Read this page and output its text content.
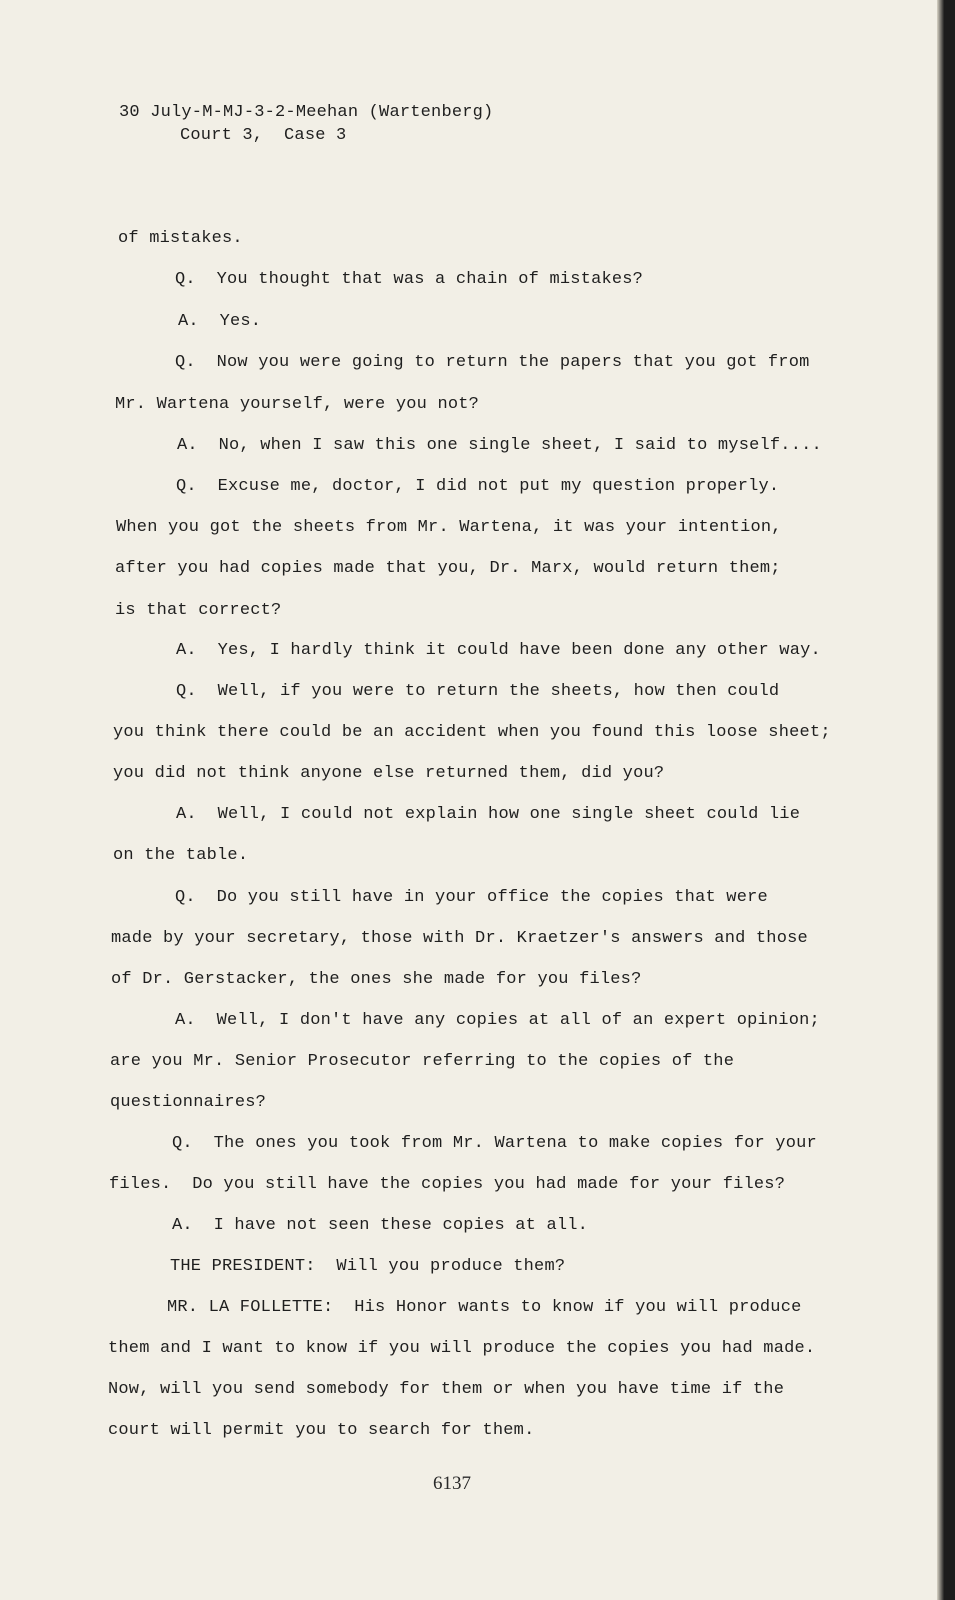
30 July-M-MJ-3-2-Meehan (Wartenberg)
Court 3,  Case 3
of mistakes.
Q.  You thought that was a chain of mistakes?
A.  Yes.
Q.  Now you were going to return the papers that you got from
Mr. Wartena yourself, were you not?
A.  No, when I saw this one single sheet, I said to myself....
Q.  Excuse me, doctor, I did not put my question properly.
When you got the sheets from Mr. Wartena, it was your intention,
after you had copies made that you, Dr. Marx, would return them;
is that correct?
A.  Yes, I hardly think it could have been done any other way.
Q.  Well, if you were to return the sheets, how then could
you think there could be an accident when you found this loose sheet;
you did not think anyone else returned them, did you?
A.  Well, I could not explain how one single sheet could lie
on the table.
Q.  Do you still have in your office the copies that were
made by your secretary, those with Dr. Kraetzer's answers and those
of Dr. Gerstacker, the ones she made for you files?
A.  Well, I don't have any copies at all of an expert opinion;
are you Mr. Senior Prosecutor referring to the copies of the
questionnaires?
Q.  The ones you took from Mr. Wartena to make copies for your
files.  Do you still have the copies you had made for your files?
A.  I have not seen these copies at all.
THE PRESIDENT:  Will you produce them?
MR. LA FOLLETTE:  His Honor wants to know if you will produce
them and I want to know if you will produce the copies you had made.
Now, will you send somebody for them or when you have time if the
court will permit you to search for them.
6137
